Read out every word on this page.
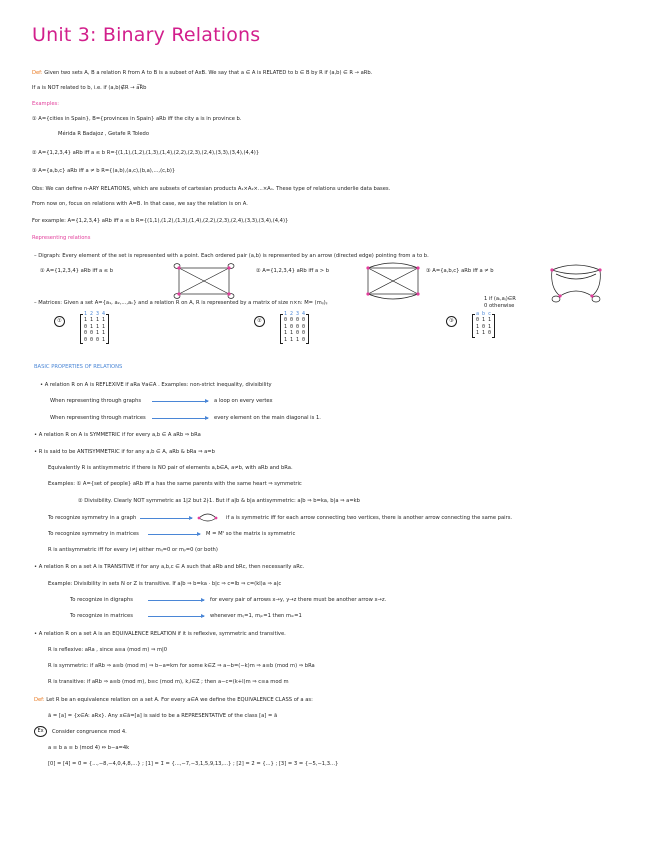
Unit 3: Binary Relations
Def: Given two sets A, B a relation R from A to B is a subset of AxB. We say that a ∈ A is RELATED to b ∈ B by R if (a,b) ∈ R → aRb.
If a is NOT related to b, i.e. if (a,b)∉R → a͞Rb
Examples:
① A={cities in Spain}, B={provinces in Spain} aRb iff the city a is in province b.
Mérida R Badajoz , Getafe R Toledo
② A={1,2,3,4} aRb iff a ≤ b R={(1,1),(1,2),(1,3),(1,4),(2,2),(2,3),(2,4),(3,3),(3,4),(4,4)}
③ A={a,b,c} aRb iff a ≠ b R={(a,b),(a,c),(b,a),...,(c,b)}
Obs: We can define n-ARY RELATIONS, which are subsets of cartesian products A₁×A₂×...×Aₙ. These type of relations underlie data bases.
From now on, focus on relations with A=B. In that case, we say the relation is on A.
For example: A={1,2,3,4} aRb iff a ≤ b R={(1,1),(1,2),(1,3),(1,4),(2,2),(2,3),(2,4),(3,3),(3,4),(4,4)}
Representing relations
– Digraph: Every element of the set is represented with a point. Each ordered pair (a,b) is represented by an arrow (directed edge) pointing from a to b.
① A={1,2,3,4} aRb iff a ≤ b	② A={1,2,3,4} aRb iff a > b	③ A={a,b,c} aRb iff a ≠ b
– Matrices: Given a set A={a₁, a₂,...,aₙ} and a relation R on A, R is represented by a matrix of size n×n: M= (mᵢⱼ)ᵢⱼ
1 if (aᵢ,aⱼ)∈R
0 otherwise
①
1 2 3 4
1 1 1 1
0 1 1 1
0 0 1 1
0 0 0 1
②
1 2 3 4
0 0 0 0
1 0 0 0
1 1 0 0
1 1 1 0
③
a b c
0 1 1
1 0 1
1 1 0
BASIC PROPERTIES OF RELATIONS
• A relation R on A is REFLEXIVE if aRa ∀a∈A . Examples: non-strict inequality, divisibility
When representing through graphs	a loop on every vertex
When representing through matrices	every element on the main diagonal is 1.
• A relation R on A is SYMMETRIC if for every a,b ∈ A aRb ⇒ bRa
• R is said to be ANTISYMMETRIC if for any a,b ∈ A, aRb & bRa ⇒ a=b
Equivalently R is antisymmetric if there is NO pair of elements a,b∈A, a≠b, with aRb and bRa.
Examples: ① A={set of people} aRb iff a has the same parents with the same heart ⇒ symmetric
② Divisibility. Clearly NOT symmetric as 1|2 but 2∤1. But if a|b & b|a antisymmetric: a|b ⇒ b=ka, b|a ⇒ a=kb
To recognize symmetry in a graph	if a is symmetric iff for each arrow connecting two vertices, there is another arrow connecting the same pairs.
To recognize symmetry in matrices	M = Mᵗ so the matrix is symmetric
R is antisymmetric iff for every i≠j either mᵢⱼ=0 or mⱼᵢ=0 (or both)
• A relation R on a set A is TRANSITIVE if for any a,b,c ∈ A such that aRb and bRc, then necessarily aRc.
Example: Divisibility in sets N or Z is transitive. If a|b ⇒ b=ka · b|c ⇒ c=lb ⇒ c=(kl)a ⇒ a|c
To recognize in digraphs	for every pair of arrows x→y, y→z there must be another arrow x→z.
To recognize in matrices	whenever mᵢⱼ=1, mⱼₖ=1 then mᵢₖ=1
• A relation R on a set A is an EQUIVALENCE RELATION if it is reflexive, symmetric and transitive.
R is reflexive: aRa , since a≡a (mod m) ⇒ m|0
R is symmetric: if aRb ⇒ a≡b (mod m) ⇒ b−a=km for some k∈Z ⇒ a−b=(−k)m ⇒ a≡b (mod m) ⇒ bRa
R is transitive: if aRb ⇒ a≡b (mod m), b≡c (mod m), k,l∈Z ; then a−c=(k+l)m ⇒ c≡a mod m
Def: Let R be an equivalence relation on a set A. For every a∈A we define the EQUIVALENCE CLASS of a as:
ā = [a] = {x∈A: aRx}. Any x∈ā=[a] is said to be a REPRESENTATIVE of the class [a] = ā
Ex	Consider congruence mod 4.
a ≡ b a ≡ b (mod 4) ⇔ b−a=4k
[0] = [4] = 0̄ = {...,−8,−4,0,4,8,...} ; [1] = 1̄ = {...,−7,−3,1,5,9,13,...} ; [2] = 2̄ = {...} ; [3] = 3̄ = {−5,−1,3...}
